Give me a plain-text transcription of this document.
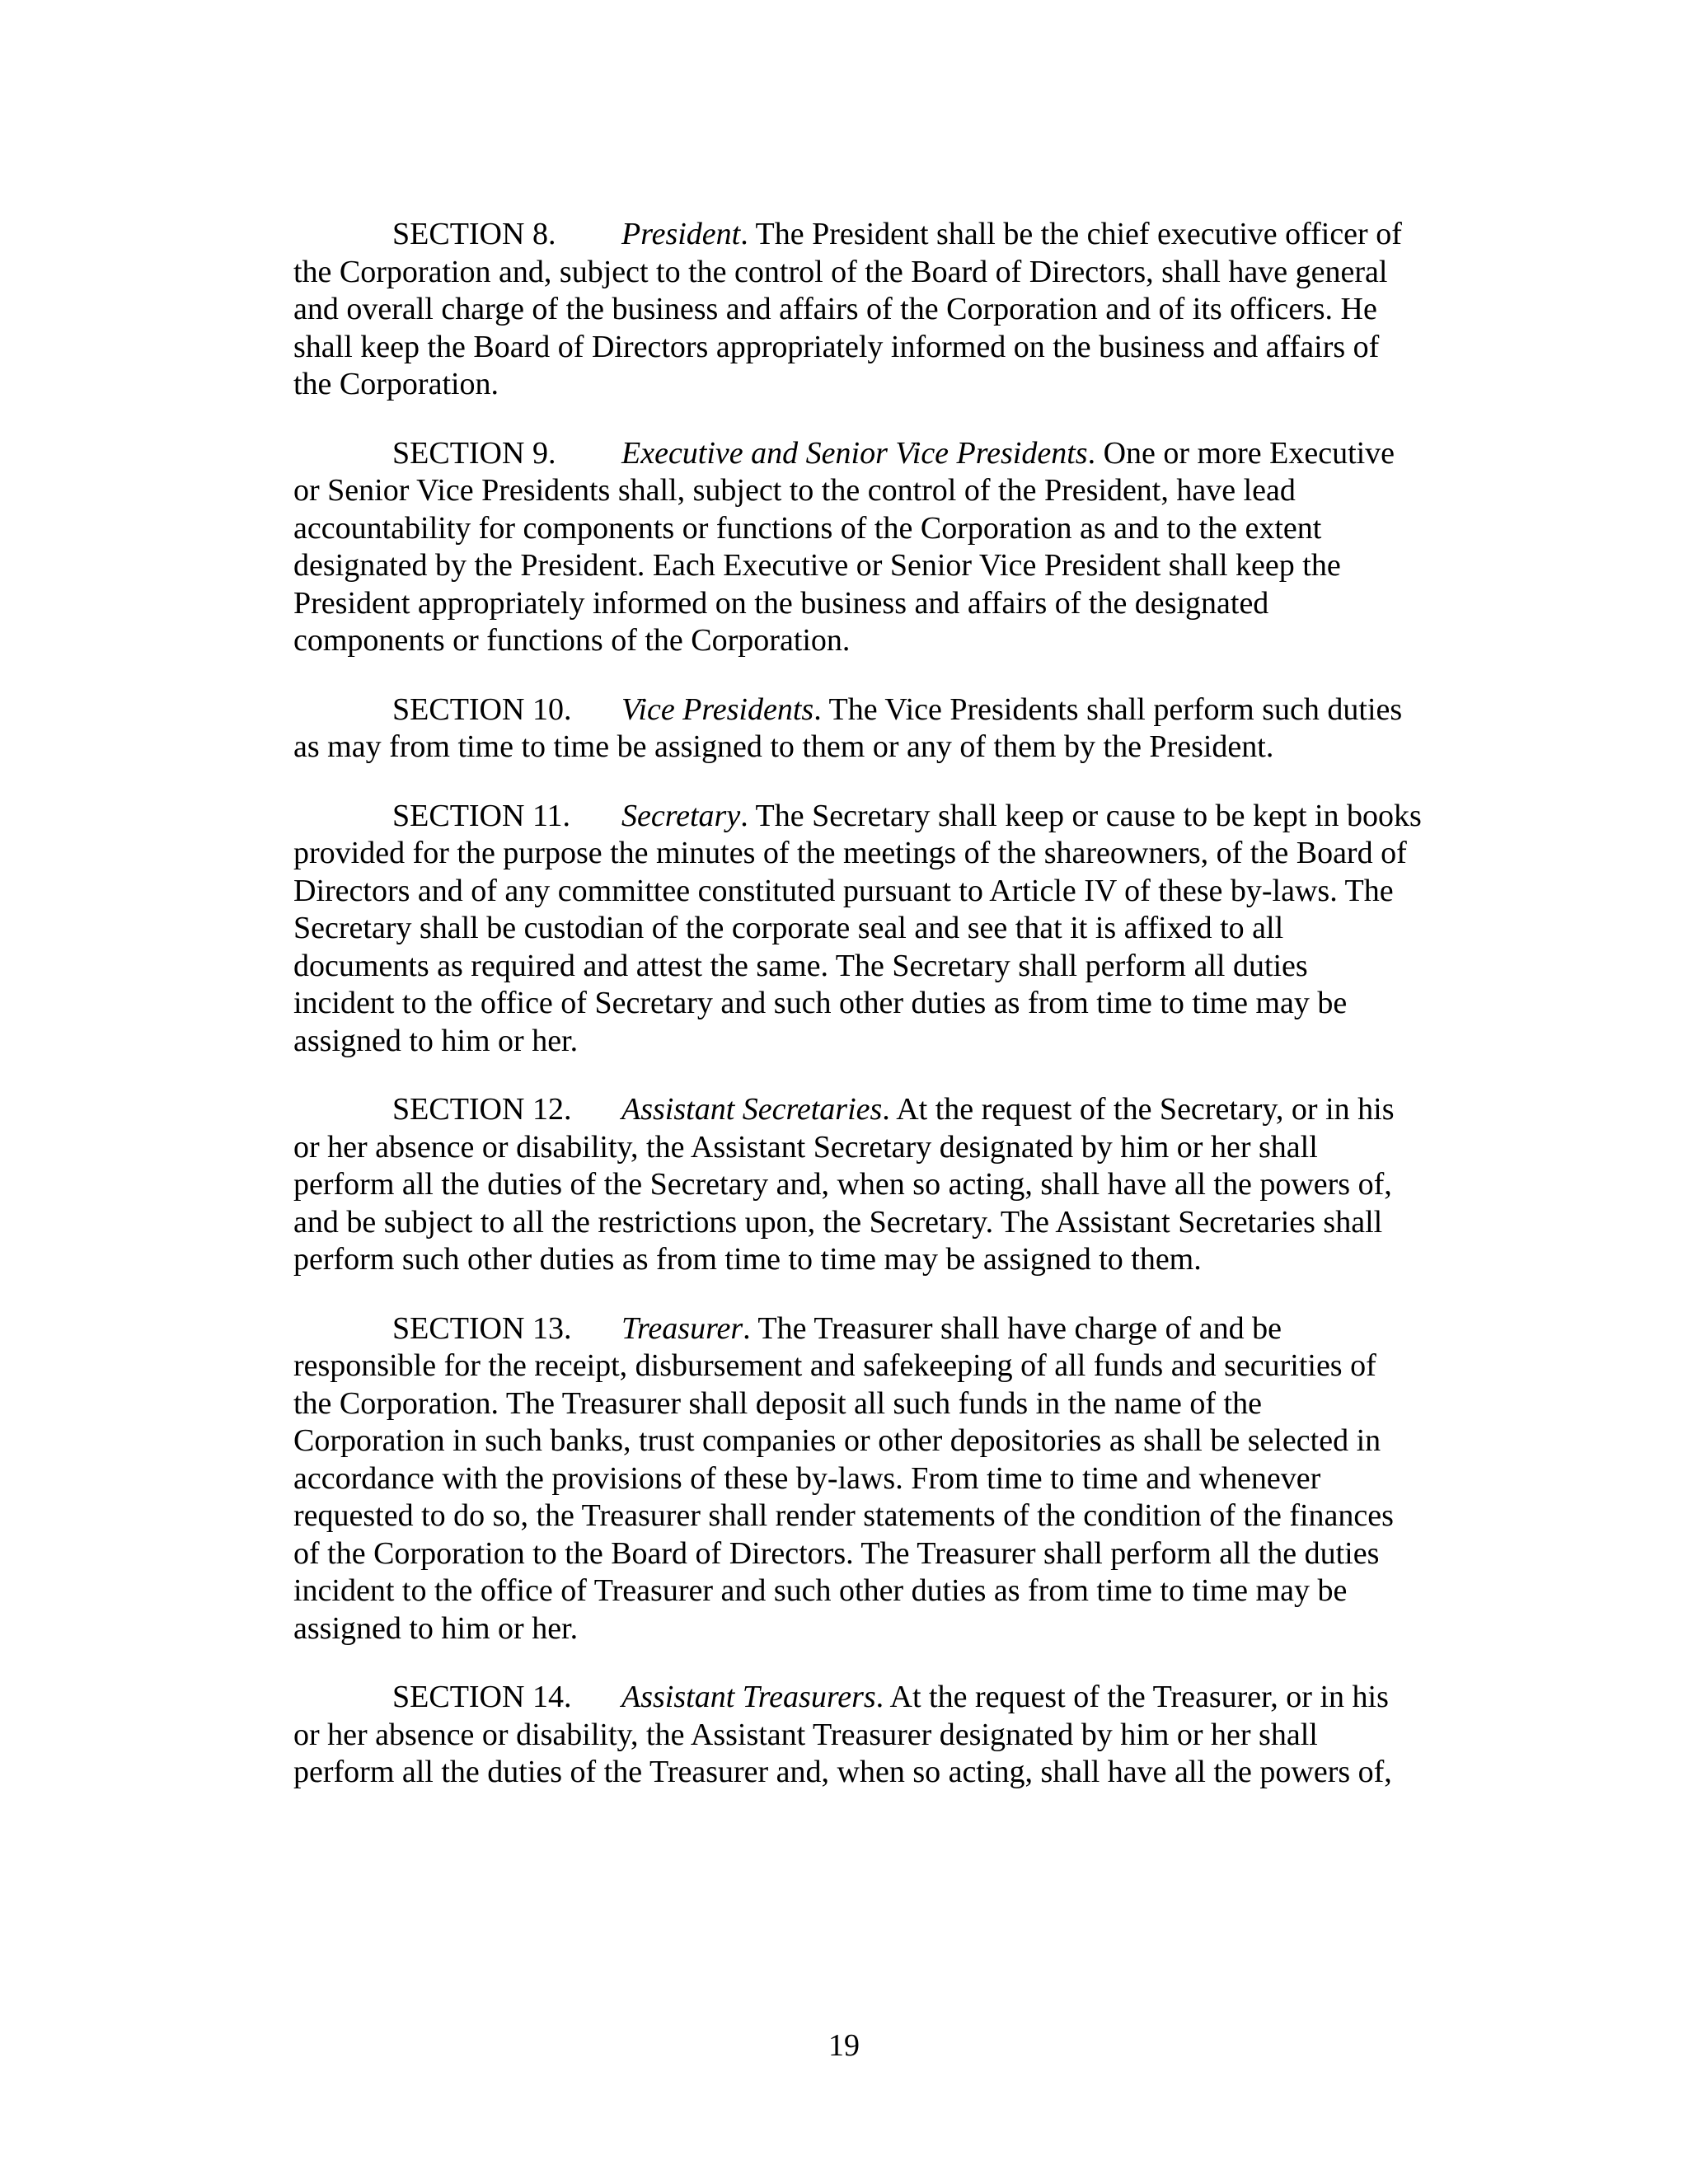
SECTION 8. President. The President shall be the chief executive officer of
the Corporation and, subject to the control of the Board of Directors, shall have general
and overall charge of the business and affairs of the Corporation and of its officers. He
shall keep the Board of Directors appropriately informed on the business and affairs of
the Corporation.
SECTION 9. Executive and Senior Vice Presidents. One or more Executive
or Senior Vice Presidents shall, subject to the control of the President, have lead
accountability for components or functions of the Corporation as and to the extent
designated by the President. Each Executive or Senior Vice President shall keep the
President appropriately informed on the business and affairs of the designated
components or functions of the Corporation.
SECTION 10. Vice Presidents. The Vice Presidents shall perform such duties
as may from time to time be assigned to them or any of them by the President.
SECTION 11. Secretary. The Secretary shall keep or cause to be kept in books
provided for the purpose the minutes of the meetings of the shareowners, of the Board of
Directors and of any committee constituted pursuant to Article IV of these by-laws. The
Secretary shall be custodian of the corporate seal and see that it is affixed to all
documents as required and attest the same. The Secretary shall perform all duties
incident to the office of Secretary and such other duties as from time to time may be
assigned to him or her.
SECTION 12. Assistant Secretaries. At the request of the Secretary, or in his
or her absence or disability, the Assistant Secretary designated by him or her shall
perform all the duties of the Secretary and, when so acting, shall have all the powers of,
and be subject to all the restrictions upon, the Secretary. The Assistant Secretaries shall
perform such other duties as from time to time may be assigned to them.
SECTION 13. Treasurer. The Treasurer shall have charge of and be
responsible for the receipt, disbursement and safekeeping of all funds and securities of
the Corporation. The Treasurer shall deposit all such funds in the name of the
Corporation in such banks, trust companies or other depositories as shall be selected in
accordance with the provisions of these by-laws. From time to time and whenever
requested to do so, the Treasurer shall render statements of the condition of the finances
of the Corporation to the Board of Directors. The Treasurer shall perform all the duties
incident to the office of Treasurer and such other duties as from time to time may be
assigned to him or her.
SECTION 14. Assistant Treasurers. At the request of the Treasurer, or in his
or her absence or disability, the Assistant Treasurer designated by him or her shall
perform all the duties of the Treasurer and, when so acting, shall have all the powers of,
19
